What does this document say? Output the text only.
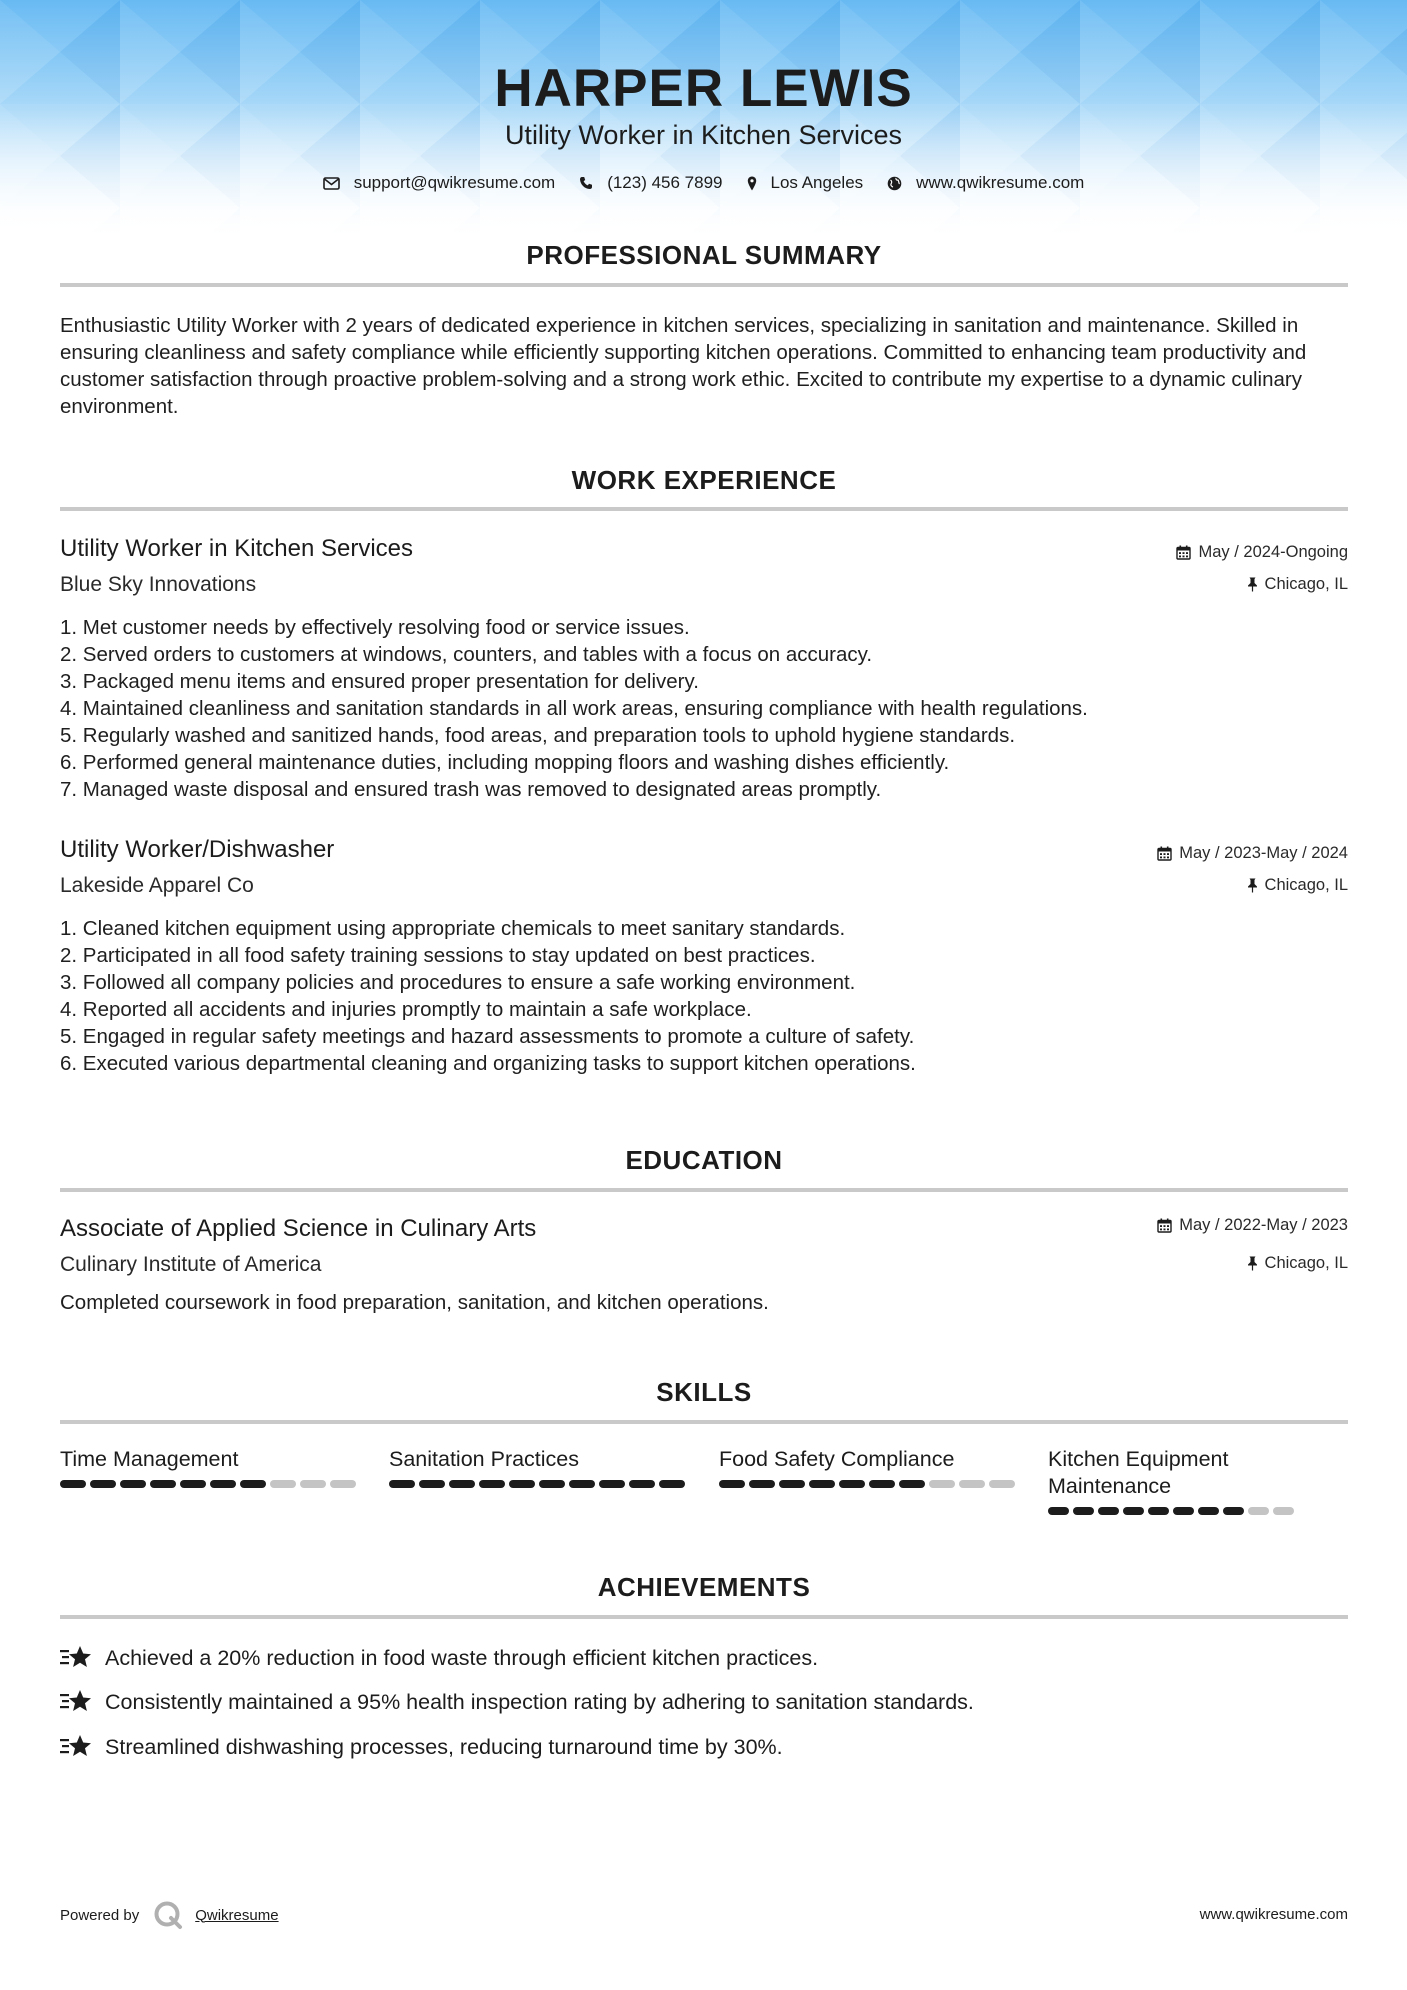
HARPER LEWIS
Utility Worker in Kitchen Services
support@qwikresume.com	(123) 456 7899	Los Angeles	www.qwikresume.com
PROFESSIONAL SUMMARY
Enthusiastic Utility Worker with 2 years of dedicated experience in kitchen services, specializing in sanitation and maintenance. Skilled in ensuring cleanliness and safety compliance while efficiently supporting kitchen operations. Committed to enhancing team productivity and customer satisfaction through proactive problem-solving and a strong work ethic. Excited to contribute my expertise to a dynamic culinary environment.
WORK EXPERIENCE
Utility Worker in Kitchen Services	May / 2024-Ongoing
Blue Sky Innovations	Chicago, IL
1. Met customer needs by effectively resolving food or service issues.
2. Served orders to customers at windows, counters, and tables with a focus on accuracy.
3. Packaged menu items and ensured proper presentation for delivery.
4. Maintained cleanliness and sanitation standards in all work areas, ensuring compliance with health regulations.
5. Regularly washed and sanitized hands, food areas, and preparation tools to uphold hygiene standards.
6. Performed general maintenance duties, including mopping floors and washing dishes efficiently.
7. Managed waste disposal and ensured trash was removed to designated areas promptly.
Utility Worker/Dishwasher	May / 2023-May / 2024
Lakeside Apparel Co	Chicago, IL
1. Cleaned kitchen equipment using appropriate chemicals to meet sanitary standards.
2. Participated in all food safety training sessions to stay updated on best practices.
3. Followed all company policies and procedures to ensure a safe working environment.
4. Reported all accidents and injuries promptly to maintain a safe workplace.
5. Engaged in regular safety meetings and hazard assessments to promote a culture of safety.
6. Executed various departmental cleaning and organizing tasks to support kitchen operations.
EDUCATION
Associate of Applied Science in Culinary Arts	May / 2022-May / 2023
Culinary Institute of America	Chicago, IL
Completed coursework in food preparation, sanitation, and kitchen operations.
SKILLS
Time Management	Sanitation Practices	Food Safety Compliance	Kitchen Equipment Maintenance
ACHIEVEMENTS
Achieved a 20% reduction in food waste through efficient kitchen practices.
Consistently maintained a 95% health inspection rating by adhering to sanitation standards.
Streamlined dishwashing processes, reducing turnaround time by 30%.
Powered by	Qwikresume	www.qwikresume.com
